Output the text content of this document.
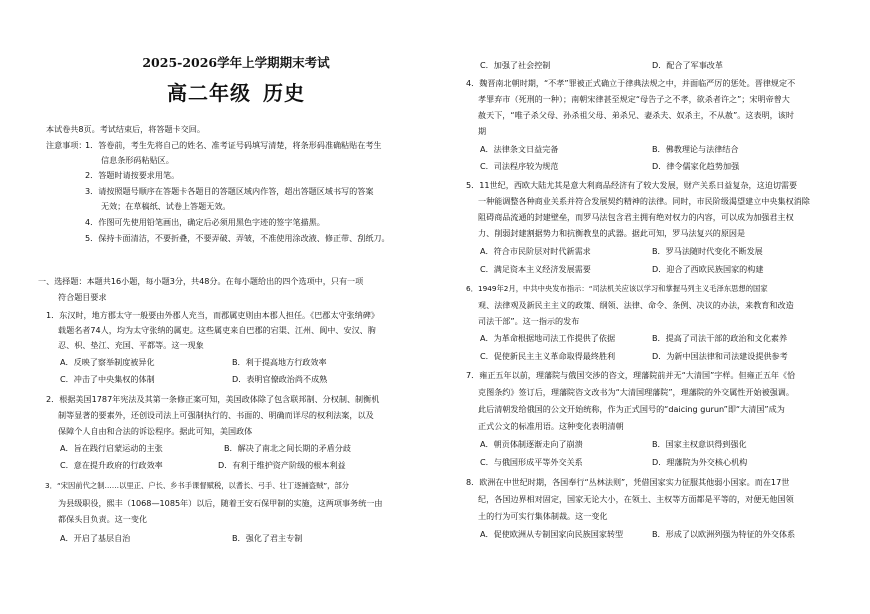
2025-2026学年上学期期末考试
高二年级 历史
本试卷共8页。考试结束后，将答题卡交回。
注意事项：
1．答卷前，考生先将自己的姓名、准考证号码填写清楚，将条形码准确粘贴在考生
信息条形码粘贴区。
2．答题时请按要求用笔。
3．请按照题号顺序在答题卡各题目的答题区域内作答，超出答题区域书写的答案
无效；在草稿纸、试卷上答题无效。
4．作图可先使用铅笔画出，确定后必须用黑色字迹的签字笔描黑。
5．保持卡面清洁，不要折叠，不要弄破、弄皱，不准使用涂改液、修正带、刮纸刀。
一、选择题：本题共16小题，每小题3分，共48分。在每小题给出的四个选项中，只有一项
符合题目要求
1．东汉时，地方郡太守一般要由外郡人充当，而郡属吏则由本郡人担任。《巴郡太守张纳碑》
载题名者74人，均为太守张纳的属吏。这些属吏来自巴郡的宕渠、江州、阆中、安汉、朐
忍、枳、垫江、充国、平都等。这一现象
A．反映了察举制度被异化	B．利于提高地方行政效率
C．冲击了中央集权的体制	D．表明官僚政治尚不成熟
2．根据美国1787年宪法及其第一条修正案可知，美国政体除了包含联邦制、分权制、制衡机
制等显著的要素外，还创设司法上可强制执行的、书面的、明确而详尽的权利法案，以及
保障个人自由和合法的诉讼程序。据此可知，美国政体
A．旨在践行启蒙运动的主张	B．解决了南北之间长期的矛盾分歧
C．意在提升政府的行政效率	D．有利于维护资产阶级的根本利益
3．“宋因前代之制……以里正、户长、乡书手课督赋税，以耆长、弓手、壮丁逐捕盗贼”，部分
为县级职役，熙丰（1068—1085年）以后，随着王安石保甲制的实施，这两项事务统一由
都保头目负责。这一变化
A．开启了基层自治	B．强化了君主专制
C．加强了社会控制	D．配合了军事改革
4．魏晋南北朝时期，“不孝”罪被正式确立于律典法规之中，并面临严厉的惩处。晋律规定不
孝罪弃市（死刑的一种）；南朝宋律甚至规定“母告子之不孝，欲杀者许之”；宋明帝曾大
赦天下，“唯子杀父母、孙杀祖父母、弟杀兄、妻杀夫、奴杀主，不从赦”。这表明，该时
期
A．法律条文日益完备	B．佛教理论与法律结合
C．司法程序较为规范	D．律令儒家化趋势加强
5．11世纪，西欧大陆尤其是意大利商品经济有了较大发展，财产关系日益复杂，这迫切需要
一种能调整各种商业关系并符合发展契约精神的法律。同时，市民阶级渴望建立中央集权消除
阻碍商品流通的封建壁垒，而罗马法包含君主拥有绝对权力的内容，可以成为加强君主权
力、削弱封建割据势力和抗衡教皇的武器。据此可知，罗马法复兴的原因是
A．符合市民阶层对时代新需求	B．罗马法随时代变化不断发展
C．满足资本主义经济发展需要	D．迎合了西欧民族国家的构建
6．1949年2月，中共中央发布指示：“司法机关应该以学习和掌握马列主义毛泽东思想的国家
观、法律观及新民主主义的政策、纲领、法律、命令、条例、决议的办法，来教育和改造
司法干部”。这一指示的发布
A．为革命根据地司法工作提供了依据	B．提高了司法干部的政治和文化素养
C．促使新民主主义革命取得最终胜利	D．为新中国法律和司法建设提供参考
7．雍正五年以前，理藩院与俄国交涉的咨文，理藩院前并无“大清国”字样。但雍正五年《恰
克图条约》签订后，理藩院咨文改书为“大清国理藩院”，理藩院的外交属性开始被强调。
此后清朝发给俄国的公文开始统称，作为正式国号的“daicing gurun”即“大清国”成为
正式公文的标准用语。这种变化表明清朝
A．朝贡体制逐渐走向了崩溃	B．国家主权意识得到强化
C．与俄国形成平等外交关系	D．理藩院为外交核心机构
8．欧洲在中世纪时期，各国奉行“丛林法则”，凭借国家实力征服其他弱小国家。而在17世
纪，各国边界相对固定，国家无论大小，在领土、主权等方面都是平等的，对便无他国领
土的行为可实行集体制裁。这一变化
A．促使欧洲从专制国家向民族国家转型	B．形成了以欧洲列强为特征的外交体系
